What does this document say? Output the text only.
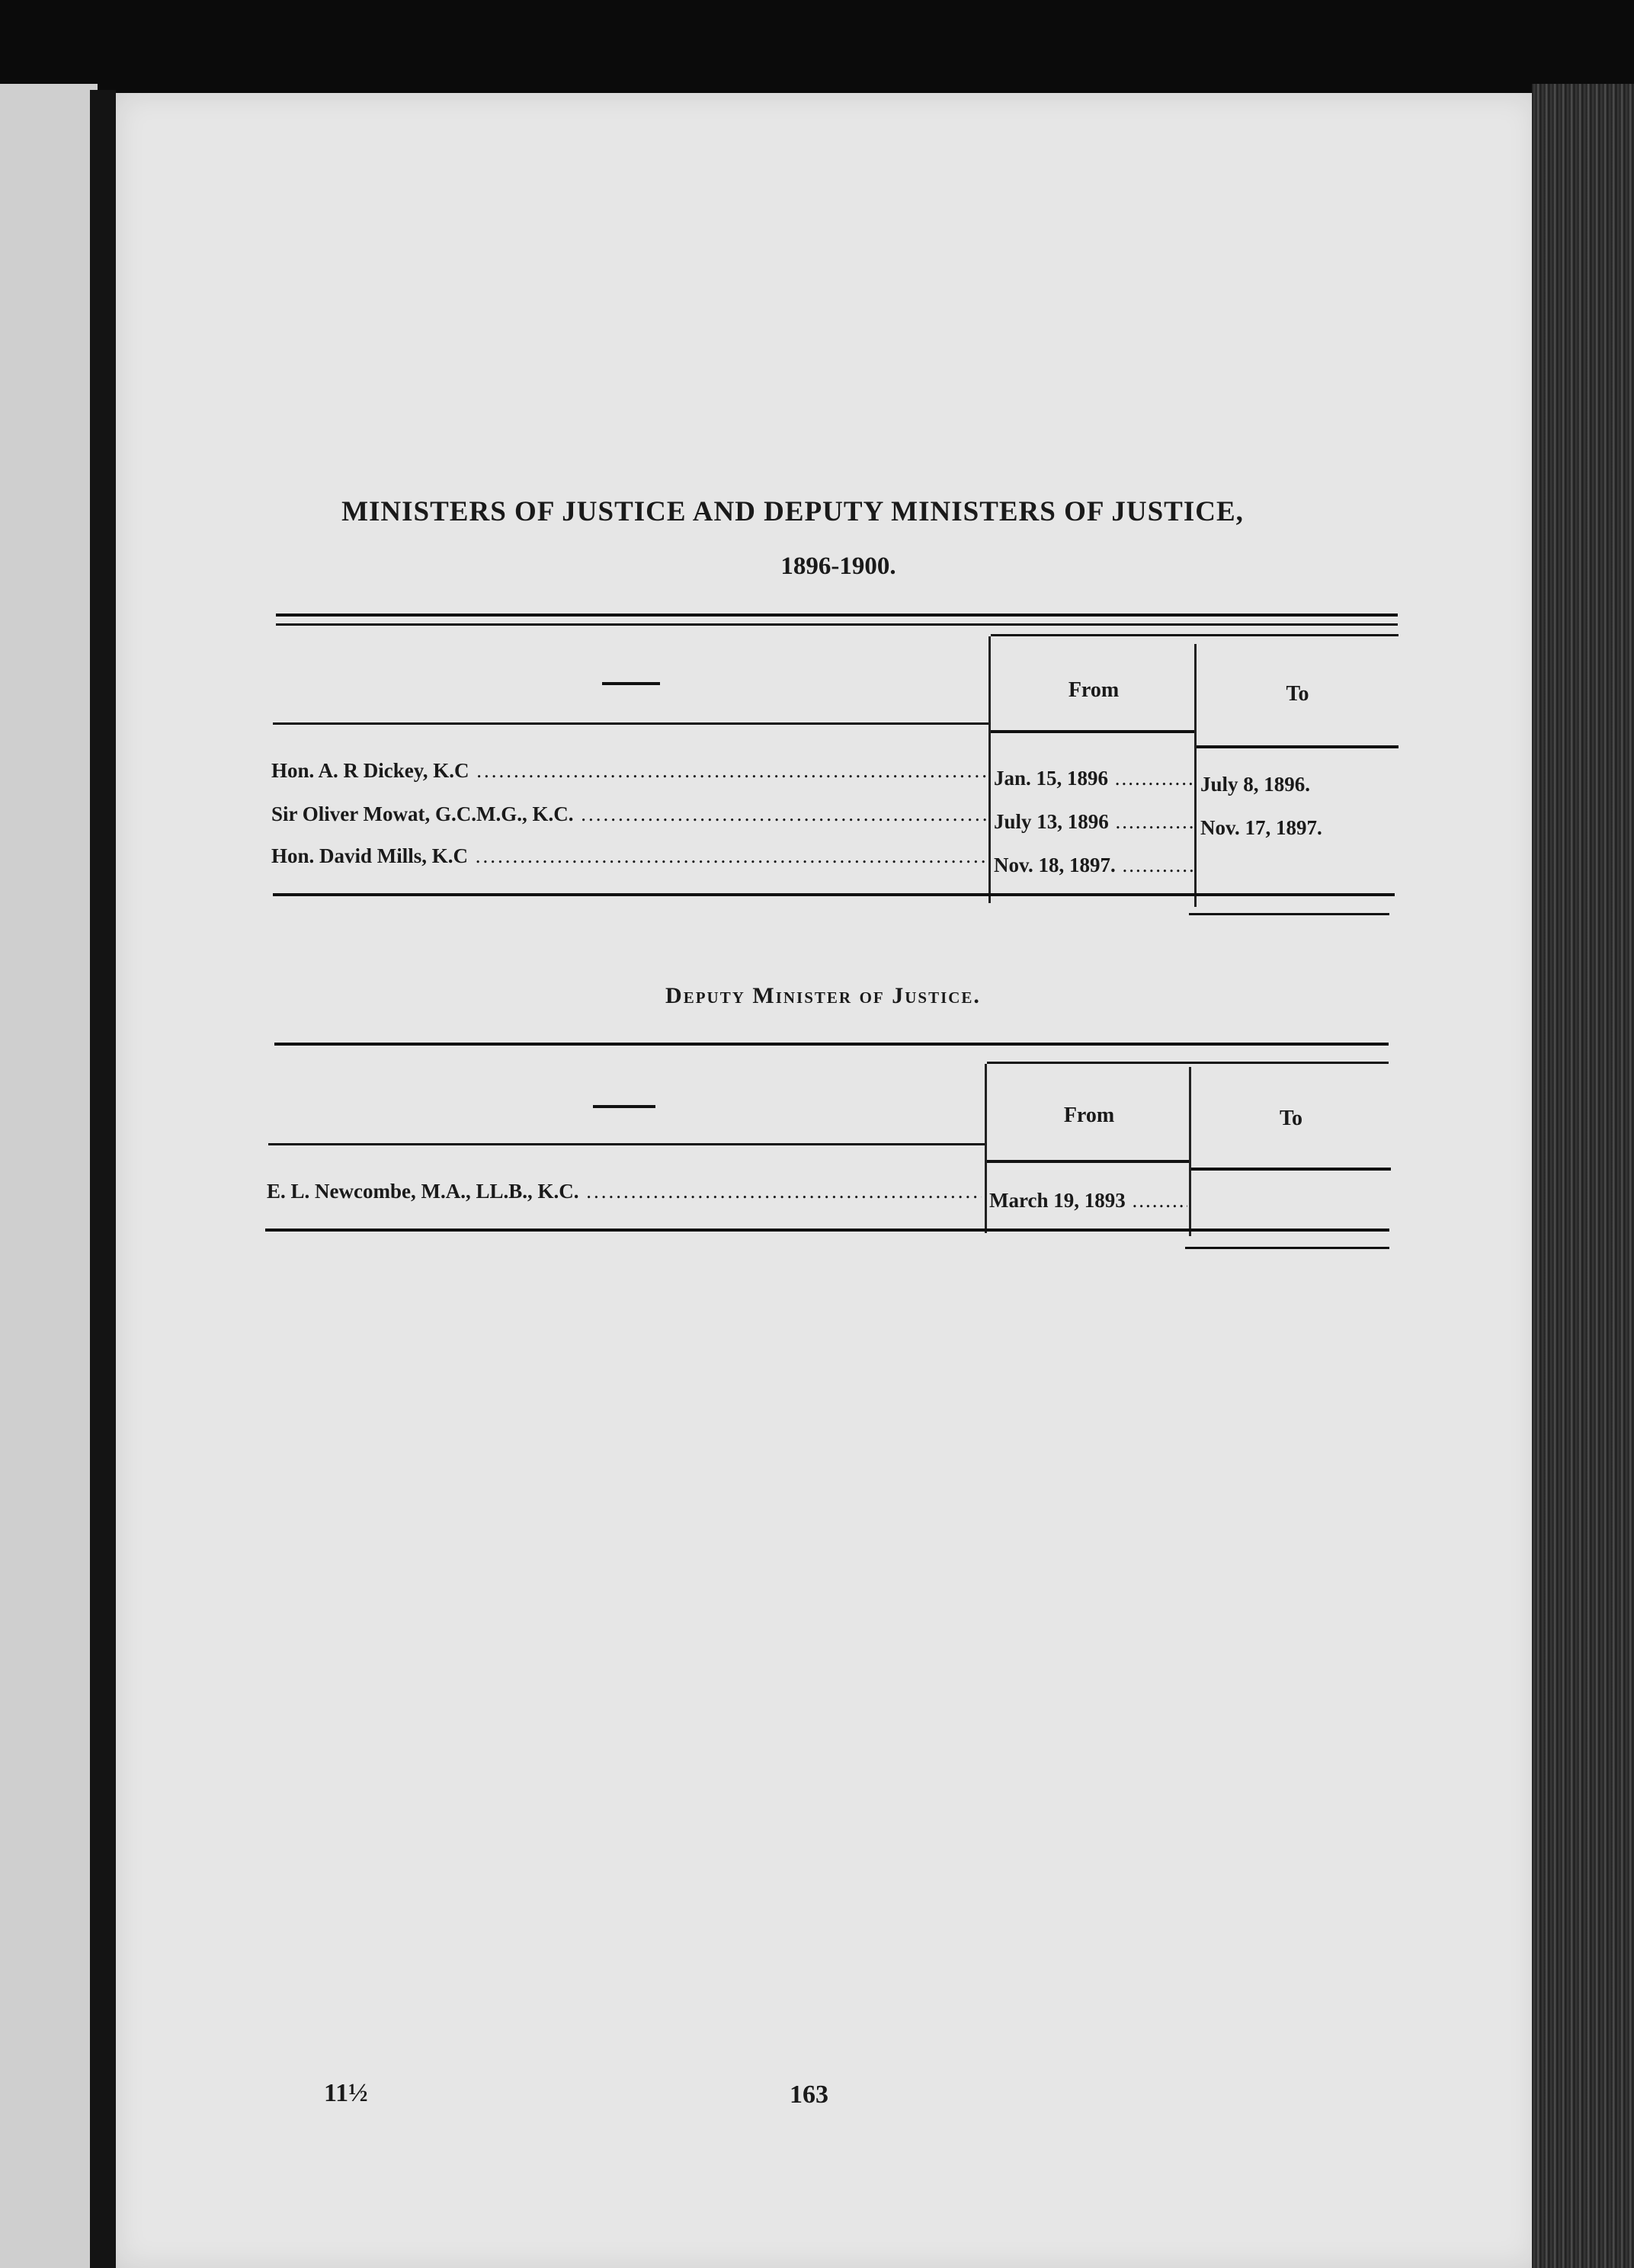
MINISTERS OF JUSTICE AND DEPUTY MINISTERS OF JUSTICE,
1896-1900.
From	To
Hon. A. R Dickey, K.C .....	Jan. 15, 1896 .....	July 8, 1896.
Sir Oliver Mowat, G.C.M.G., K.C. .....	July 13, 1896 .....	Nov. 17, 1897.
Hon. David Mills, K.C .....	Nov. 18, 1897. .....
Deputy Minister of Justice.
From	To
E. L. Newcombe, M.A., LL.B., K.C. .....	March 19, 1893 .....
11½	163
